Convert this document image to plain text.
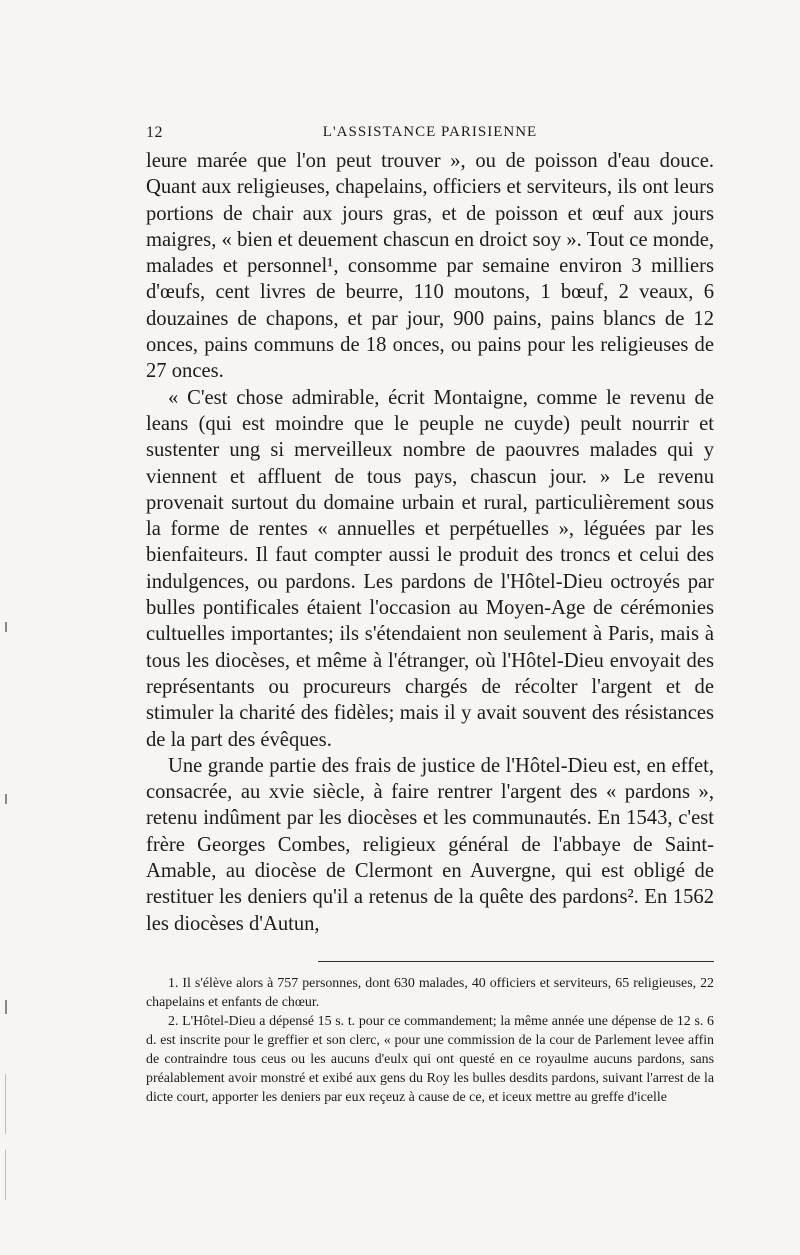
12	L'ASSISTANCE PARISIENNE

leure marée que l'on peut trouver », ou de poisson d'eau douce. Quant aux religieuses, chapelains, officiers et serviteurs, ils ont leurs portions de chair aux jours gras, et de poisson et œuf aux jours maigres, « bien et deuement chascun en droict soy ». Tout ce monde, malades et personnel¹, consomme par semaine environ 3 milliers d'œufs, cent livres de beurre, 110 moutons, 1 bœuf, 2 veaux, 6 douzaines de chapons, et par jour, 900 pains, pains blancs de 12 onces, pains communs de 18 onces, ou pains pour les religieuses de 27 onces.

« C'est chose admirable, écrit Montaigne, comme le revenu de leans (qui est moindre que le peuple ne cuyde) peult nourrir et sustenter ung si merveilleux nombre de paouvres malades qui y viennent et affluent de tous pays, chascun jour. » Le revenu provenait surtout du domaine urbain et rural, particulièrement sous la forme de rentes « annuelles et perpétuelles », léguées par les bienfaiteurs. Il faut compter aussi le produit des troncs et celui des indulgences, ou pardons. Les pardons de l'Hôtel-Dieu octroyés par bulles pontificales étaient l'occasion au Moyen-Age de cérémonies cultuelles importantes; ils s'étendaient non seulement à Paris, mais à tous les diocèses, et même à l'étranger, où l'Hôtel-Dieu envoyait des représentants ou procureurs chargés de récolter l'argent et de stimuler la charité des fidèles; mais il y avait souvent des résistances de la part des évêques.

Une grande partie des frais de justice de l'Hôtel-Dieu est, en effet, consacrée, au xvie siècle, à faire rentrer l'argent des « pardons », retenu indûment par les diocèses et les communautés. En 1543, c'est frère Georges Combes, religieux général de l'abbaye de Saint-Amable, au diocèse de Clermont en Auvergne, qui est obligé de restituer les deniers qu'il a retenus de la quête des pardons². En 1562 les diocèses d'Autun,

1. Il s'élève alors à 757 personnes, dont 630 malades, 40 officiers et serviteurs, 65 religieuses, 22 chapelains et enfants de chœur.

2. L'Hôtel-Dieu a dépensé 15 s. t. pour ce commandement; la même année une dépense de 12 s. 6 d. est inscrite pour le greffier et son clerc, « pour une commission de la cour de Parlement levee affin de contraindre tous ceus ou les aucuns d'eulx qui ont questé en ce royaulme aucuns pardons, sans préalablement avoir monstré et exibé aux gens du Roy les bulles desdits pardons, suivant l'arrest de la dicte court, apporter les deniers par eux reçeuz à cause de ce, et iceux mettre au greffe d'icelle
